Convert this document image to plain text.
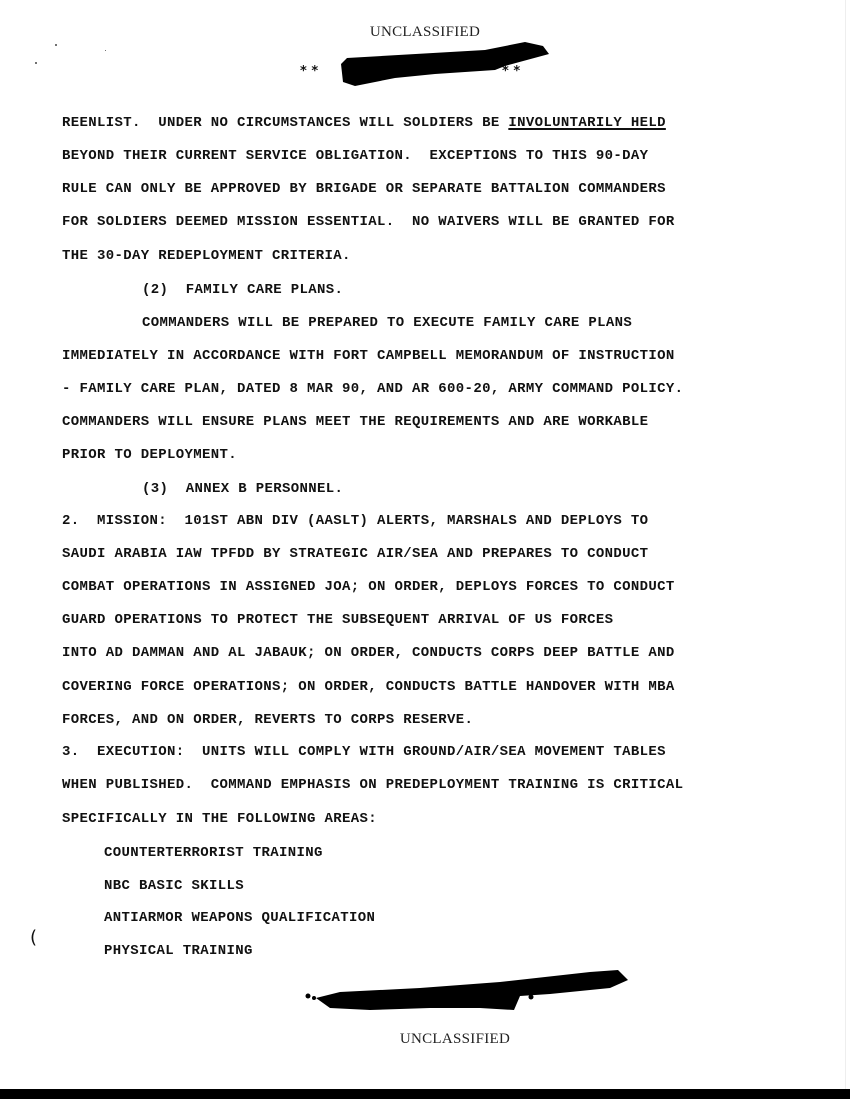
UNCLASSIFIED
* *	* *
REENLIST.  UNDER NO CIRCUMSTANCES WILL SOLDIERS BE INVOLUNTARILY HELD
BEYOND THEIR CURRENT SERVICE OBLIGATION.  EXCEPTIONS TO THIS 90-DAY
RULE CAN ONLY BE APPROVED BY BRIGADE OR SEPARATE BATTALION COMMANDERS
FOR SOLDIERS DEEMED MISSION ESSENTIAL.  NO WAIVERS WILL BE GRANTED FOR
THE 30-DAY REDEPLOYMENT CRITERIA.
(2)  FAMILY CARE PLANS.
COMMANDERS WILL BE PREPARED TO EXECUTE FAMILY CARE PLANS
IMMEDIATELY IN ACCORDANCE WITH FORT CAMPBELL MEMORANDUM OF INSTRUCTION
- FAMILY CARE PLAN, DATED 8 MAR 90, AND AR 600-20, ARMY COMMAND POLICY.
COMMANDERS WILL ENSURE PLANS MEET THE REQUIREMENTS AND ARE WORKABLE
PRIOR TO DEPLOYMENT.
(3)  ANNEX B PERSONNEL.
2.  MISSION:  101ST ABN DIV (AASLT) ALERTS, MARSHALS AND DEPLOYS TO
SAUDI ARABIA IAW TPFDD BY STRATEGIC AIR/SEA AND PREPARES TO CONDUCT
COMBAT OPERATIONS IN ASSIGNED JOA; ON ORDER, DEPLOYS FORCES TO CONDUCT
GUARD OPERATIONS TO PROTECT THE SUBSEQUENT ARRIVAL OF US FORCES
INTO AD DAMMAN AND AL JABAUK; ON ORDER, CONDUCTS CORPS DEEP BATTLE AND
COVERING FORCE OPERATIONS; ON ORDER, CONDUCTS BATTLE HANDOVER WITH MBA
FORCES, AND ON ORDER, REVERTS TO CORPS RESERVE.
3.  EXECUTION:  UNITS WILL COMPLY WITH GROUND/AIR/SEA MOVEMENT TABLES
WHEN PUBLISHED.  COMMAND EMPHASIS ON PREDEPLOYMENT TRAINING IS CRITICAL
SPECIFICALLY IN THE FOLLOWING AREAS:
COUNTERTERRORIST TRAINING
NBC BASIC SKILLS
ANTIARMOR WEAPONS QUALIFICATION
PHYSICAL TRAINING
(
UNCLASSIFIED
